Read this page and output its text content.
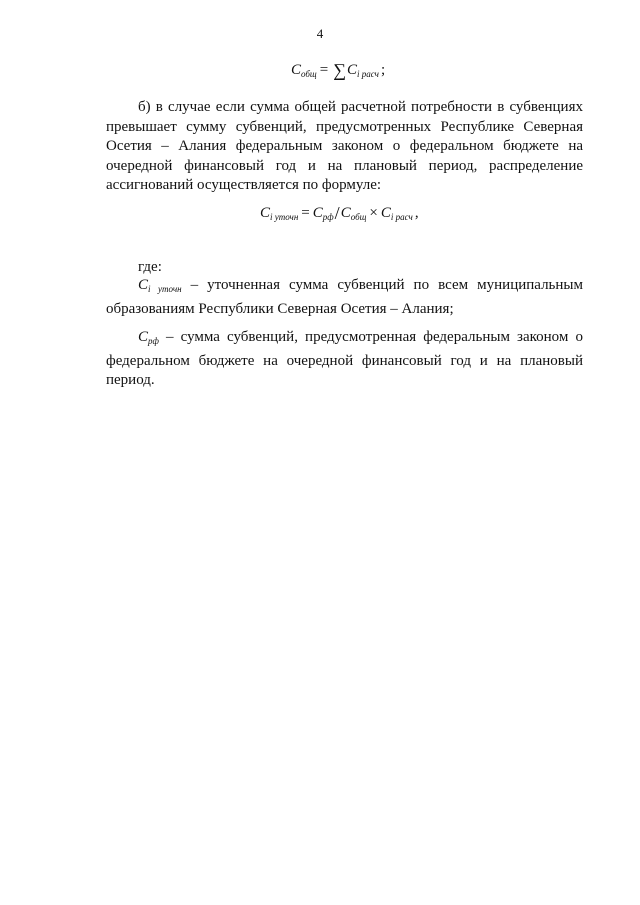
4
$C_{общ} = \sum C_{i расч}$ ;

б) в случае если сумма общей расчетной потребности в субвенциях превышает сумму субвенций, предусмотренных Республике Северная Осетия – Алания федеральным законом о федеральном бюджете на очередной финансовый год и на плановый период, распределение ассигнований осуществляется по формуле:

$C_{i уточн} = C_{рф}/C_{общ} \times C_{i расч}$ ,

где:

$C_{i уточн}$ – уточненная сумма субвенций по всем муниципальным образованиям Республики Северная Осетия – Алания;

$C_{рф}$ – сумма субвенций, предусмотренная федеральным законом о федеральном бюджете на очередной финансовый год и на плановый период.
